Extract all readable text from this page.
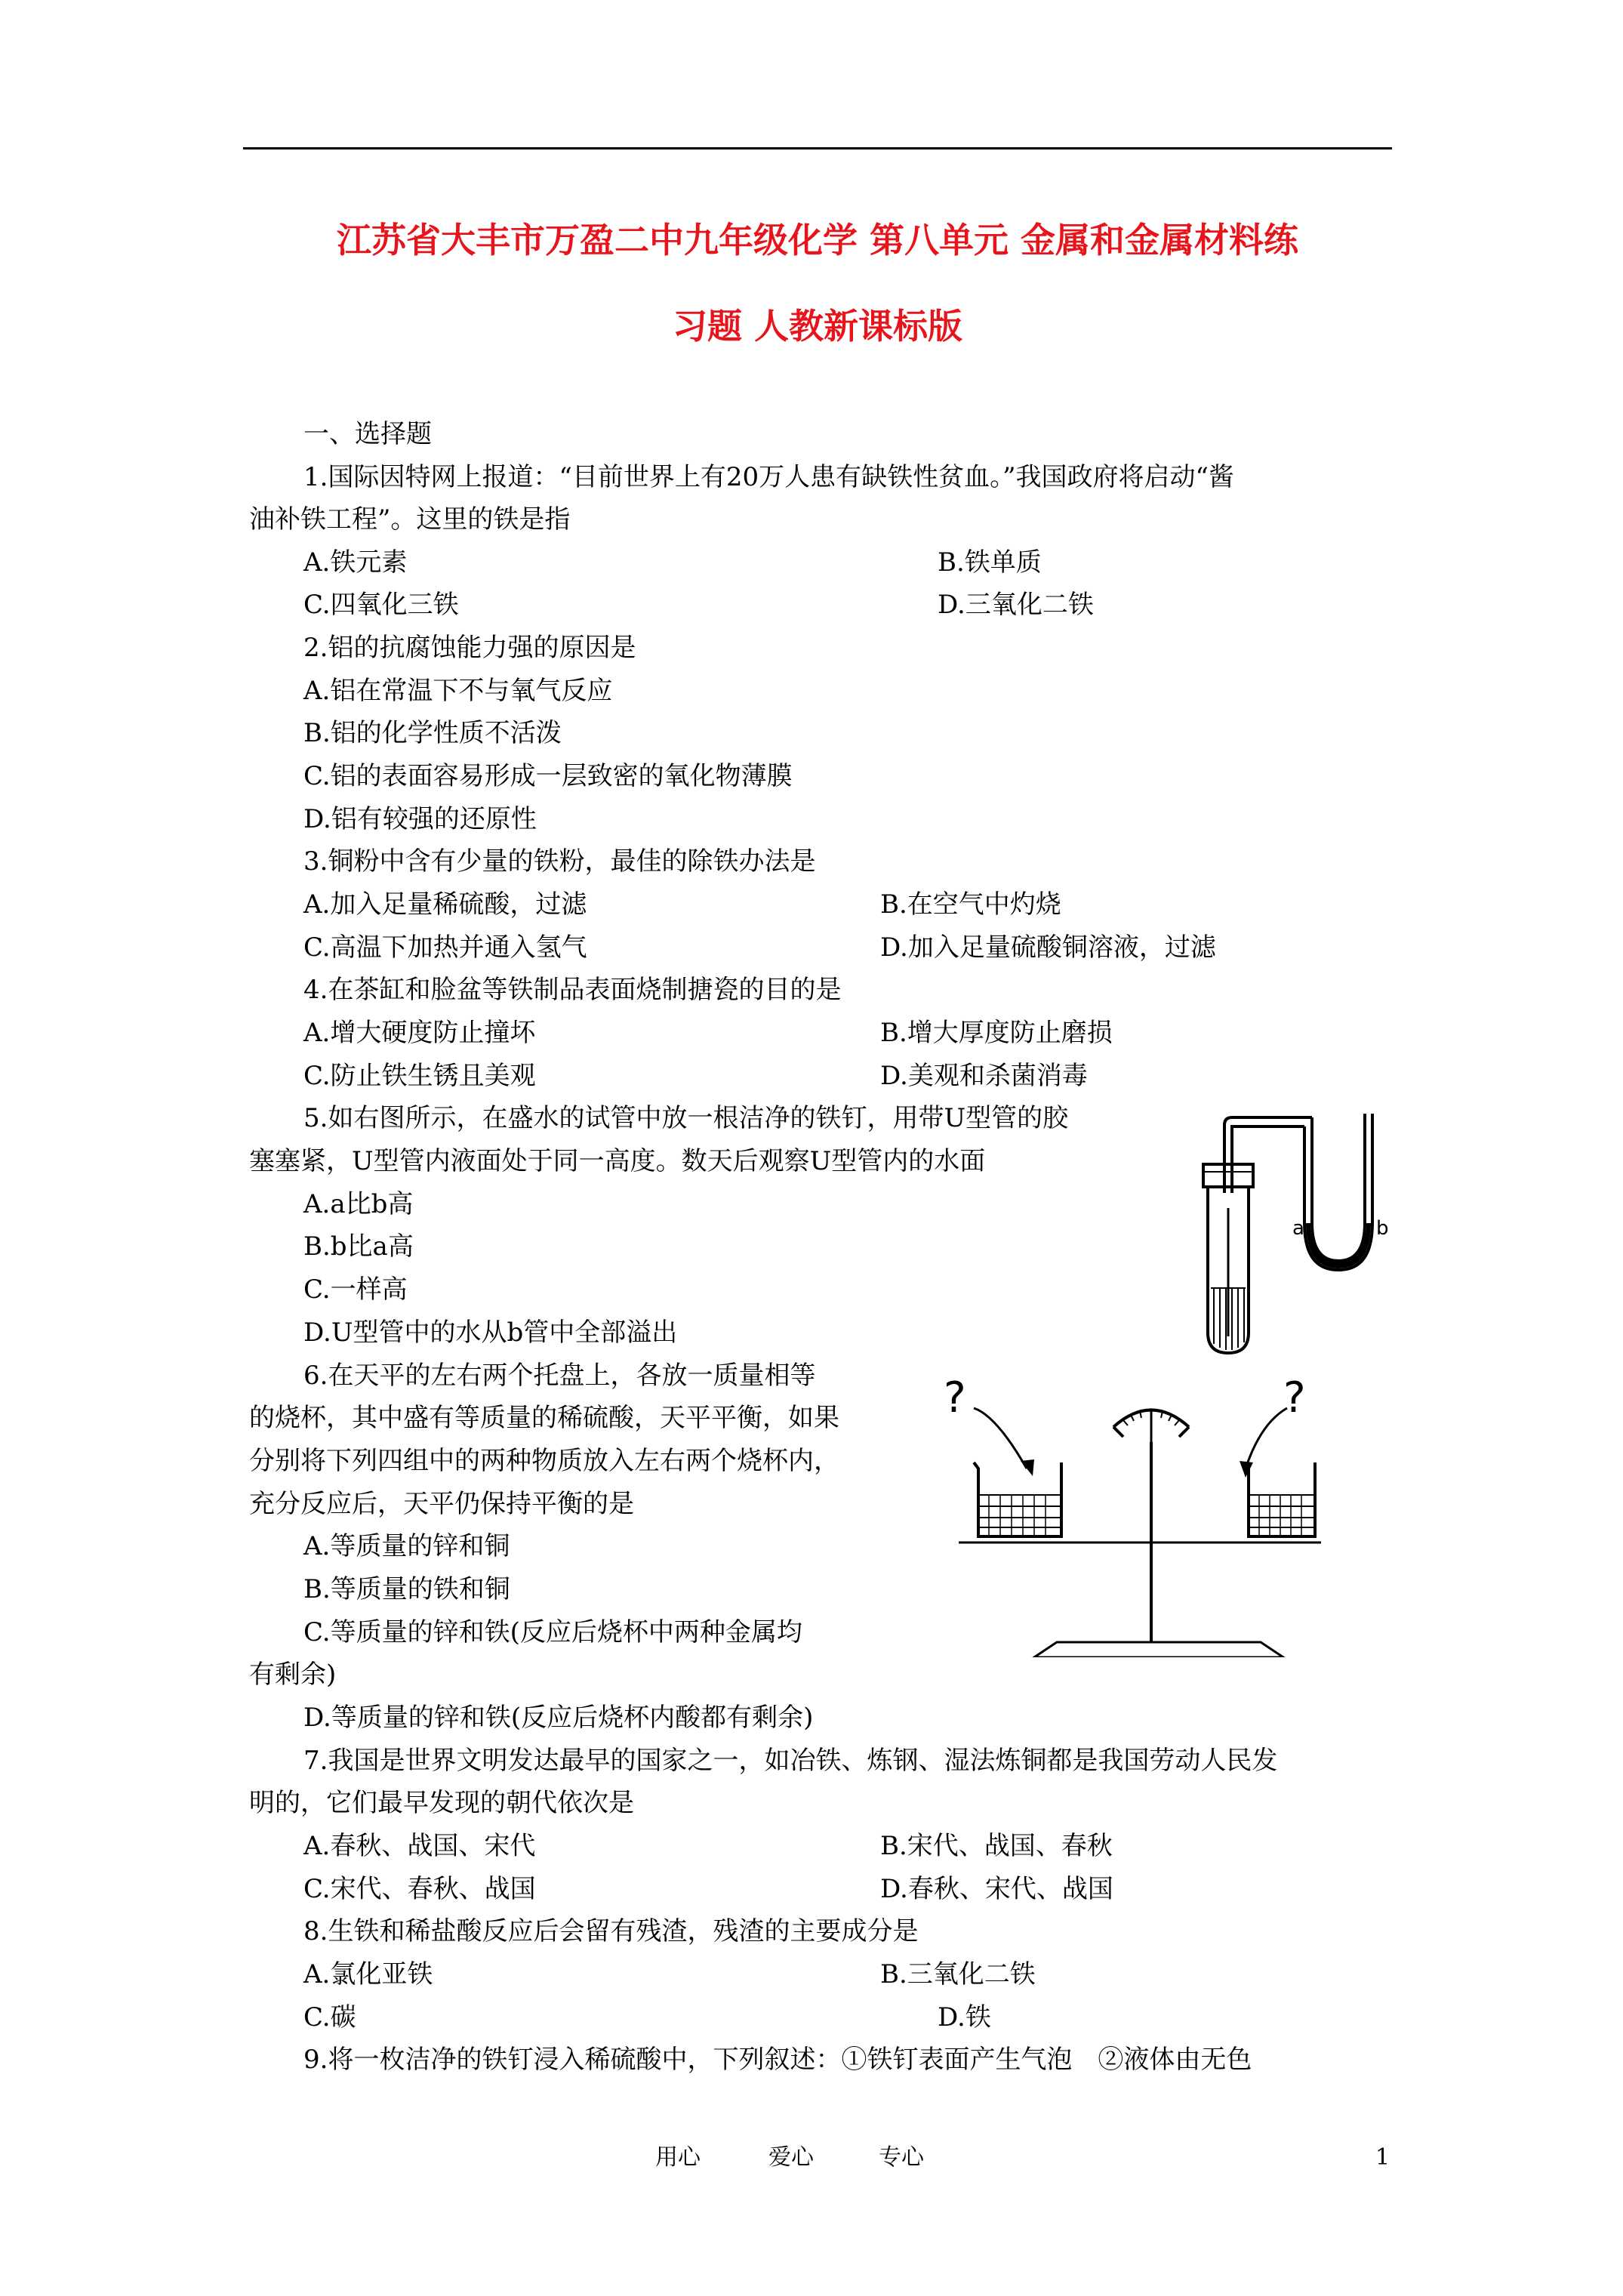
江苏省大丰市万盈二中九年级化学 第八单元 金属和金属材料练
习题 人教新课标版
一、选择题
1.国际因特网上报道：“目前世界上有20万人患有缺铁性贫血。”我国政府将启动“酱
油补铁工程”。这里的铁是指
A.铁元素	B.铁单质
C.四氧化三铁	D.三氧化二铁
2.铝的抗腐蚀能力强的原因是
A.铝在常温下不与氧气反应
B.铝的化学性质不活泼
C.铝的表面容易形成一层致密的氧化物薄膜
D.铝有较强的还原性
3.铜粉中含有少量的铁粉，最佳的除铁办法是
A.加入足量稀硫酸，过滤	B.在空气中灼烧
C.高温下加热并通入氢气	D.加入足量硫酸铜溶液，过滤
4.在茶缸和脸盆等铁制品表面烧制搪瓷的目的是
A.增大硬度防止撞坏	B.增大厚度防止磨损
C.防止铁生锈且美观	D.美观和杀菌消毒
5.如右图所示，在盛水的试管中放一根洁净的铁钉，用带U型管的胶
塞塞紧，U型管内液面处于同一高度。数天后观察U型管内的水面
A.a比b高
B.b比a高
C.一样高
D.U型管中的水从b管中全部溢出
a	b
6.在天平的左右两个托盘上，各放一质量相等
的烧杯，其中盛有等质量的稀硫酸，天平平衡，如果
分别将下列四组中的两种物质放入左右两个烧杯内，
充分反应后，天平仍保持平衡的是
A.等质量的锌和铜
B.等质量的铁和铜
C.等质量的锌和铁(反应后烧杯中两种金属均
有剩余)
D.等质量的锌和铁(反应后烧杯内酸都有剩余)
?	?
7.我国是世界文明发达最早的国家之一，如冶铁、炼钢、湿法炼铜都是我国劳动人民发
明的，它们最早发现的朝代依次是
A.春秋、战国、宋代	B.宋代、战国、春秋
C.宋代、春秋、战国	D.春秋、宋代、战国
8.生铁和稀盐酸反应后会留有残渣，残渣的主要成分是
A.氯化亚铁	B.三氧化二铁
C.碳	D.铁
9.将一枚洁净的铁钉浸入稀硫酸中，下列叙述：①铁钉表面产生气泡　②液体由无色
用心	爱心	专心	1
